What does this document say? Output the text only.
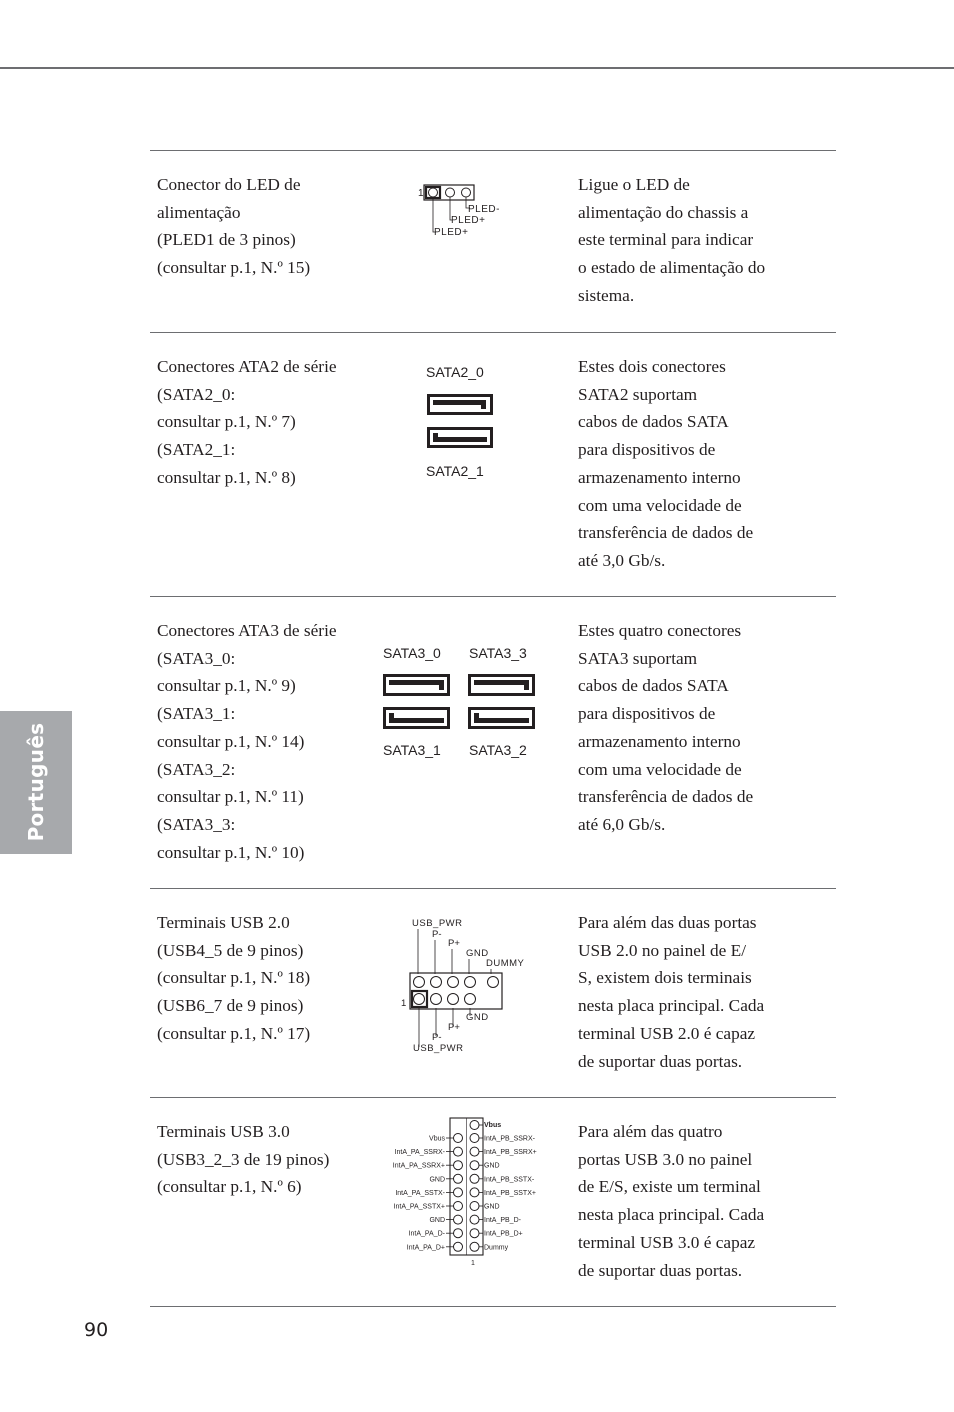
Português
90
Conector do LED de
alimentação
(PLED1 de 3 pinos)
(consultar p.1, N.º 15)
1
PLED-
PLED+
PLED+
Ligue o LED de
alimentação do chassis a
este terminal para indicar
o estado de alimentação do
sistema.
Conectores ATA2 de série
(SATA2_0:
consultar p.1, N.º 7)
(SATA2_1:
consultar p.1, N.º 8)
SATA2_0
SATA2_1
Estes dois conectores
SATA2 suportam
cabos de dados SATA
para dispositivos de
armazenamento interno
com uma velocidade de
transferência de dados de
até 3,0 Gb/s.
Conectores ATA3 de série
(SATA3_0:
consultar p.1, N.º 9)
(SATA3_1:
consultar p.1, N.º 14)
(SATA3_2:
consultar p.1, N.º 11)
(SATA3_3:
consultar p.1, N.º 10)
SATA3_0 SATA3_3
SATA3_1 SATA3_2
Estes quatro conectores
SATA3 suportam
cabos de dados SATA
para dispositivos de
armazenamento interno
com uma velocidade de
transferência de dados de
até 6,0 Gb/s.
Terminais USB 2.0
(USB4_5 de 9 pinos)
(consultar p.1, N.º 18)
(USB6_7 de 9 pinos)
(consultar p.1, N.º 17)
USB_PWR
P-
P+
GND
DUMMY
1
GND
P+
P-
USB_PWR
Para além das duas portas
USB 2.0 no painel de E/
S, existem dois terminais
nesta placa principal. Cada
terminal USB 2.0 é capaz
de suportar duas portas.
Terminais USB 3.0
(USB3_2_3 de 19 pinos)
(consultar p.1, N.º 6)
Vbus
Vbus	IntA_PB_SSRX-
IntA_PA_SSRX-	IntA_PB_SSRX+
IntA_PA_SSRX+	GND
GND	IntA_PB_SSTX-
IntA_PA_SSTX-	IntA_PB_SSTX+
IntA_PA_SSTX+	GND
GND	IntA_PB_D-
IntA_PA_D-	IntA_PB_D+
IntA_PA_D+	Dummy
1
Para além das quatro
portas USB 3.0 no painel
de E/S, existe um terminal
nesta placa principal. Cada
terminal USB 3.0 é capaz
de suportar duas portas.
